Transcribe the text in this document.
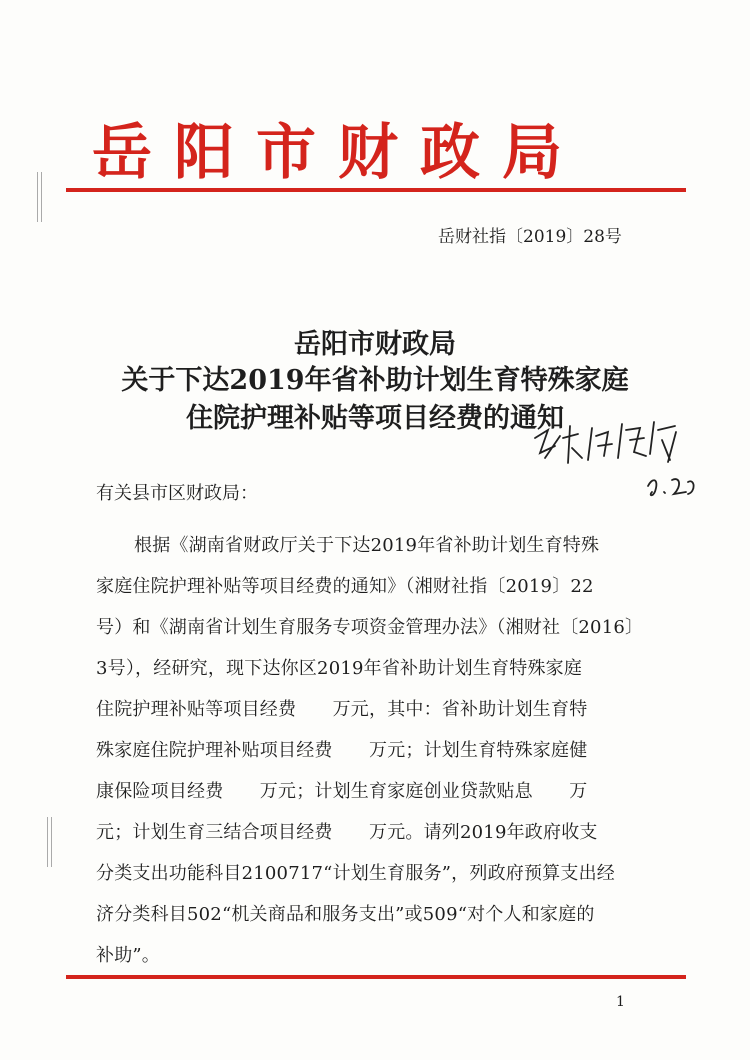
岳阳市财政局
岳财社指〔2019〕28号
岳阳市财政局
关于下达2019年省补助计划生育特殊家庭
住院护理补贴等项目经费的通知
有关县市区财政局：
根据《湖南省财政厅关于下达2019年省补助计划生育特殊
家庭住院护理补贴等项目经费的通知》（湘财社指〔2019〕22
号）和《湖南省计划生育服务专项资金管理办法》（湘财社〔2016〕
3号），经研究，现下达你区2019年省补助计划生育特殊家庭
住院护理补贴等项目经费　　万元，其中：省补助计划生育特
殊家庭住院护理补贴项目经费　　万元；计划生育特殊家庭健
康保险项目经费　　万元；计划生育家庭创业贷款贴息　　万
元；计划生育三结合项目经费　　万元。请列2019年政府收支
分类支出功能科目2100717“计划生育服务”，列政府预算支出经
济分类科目502“机关商品和服务支出”或509“对个人和家庭的
补助”。
1
